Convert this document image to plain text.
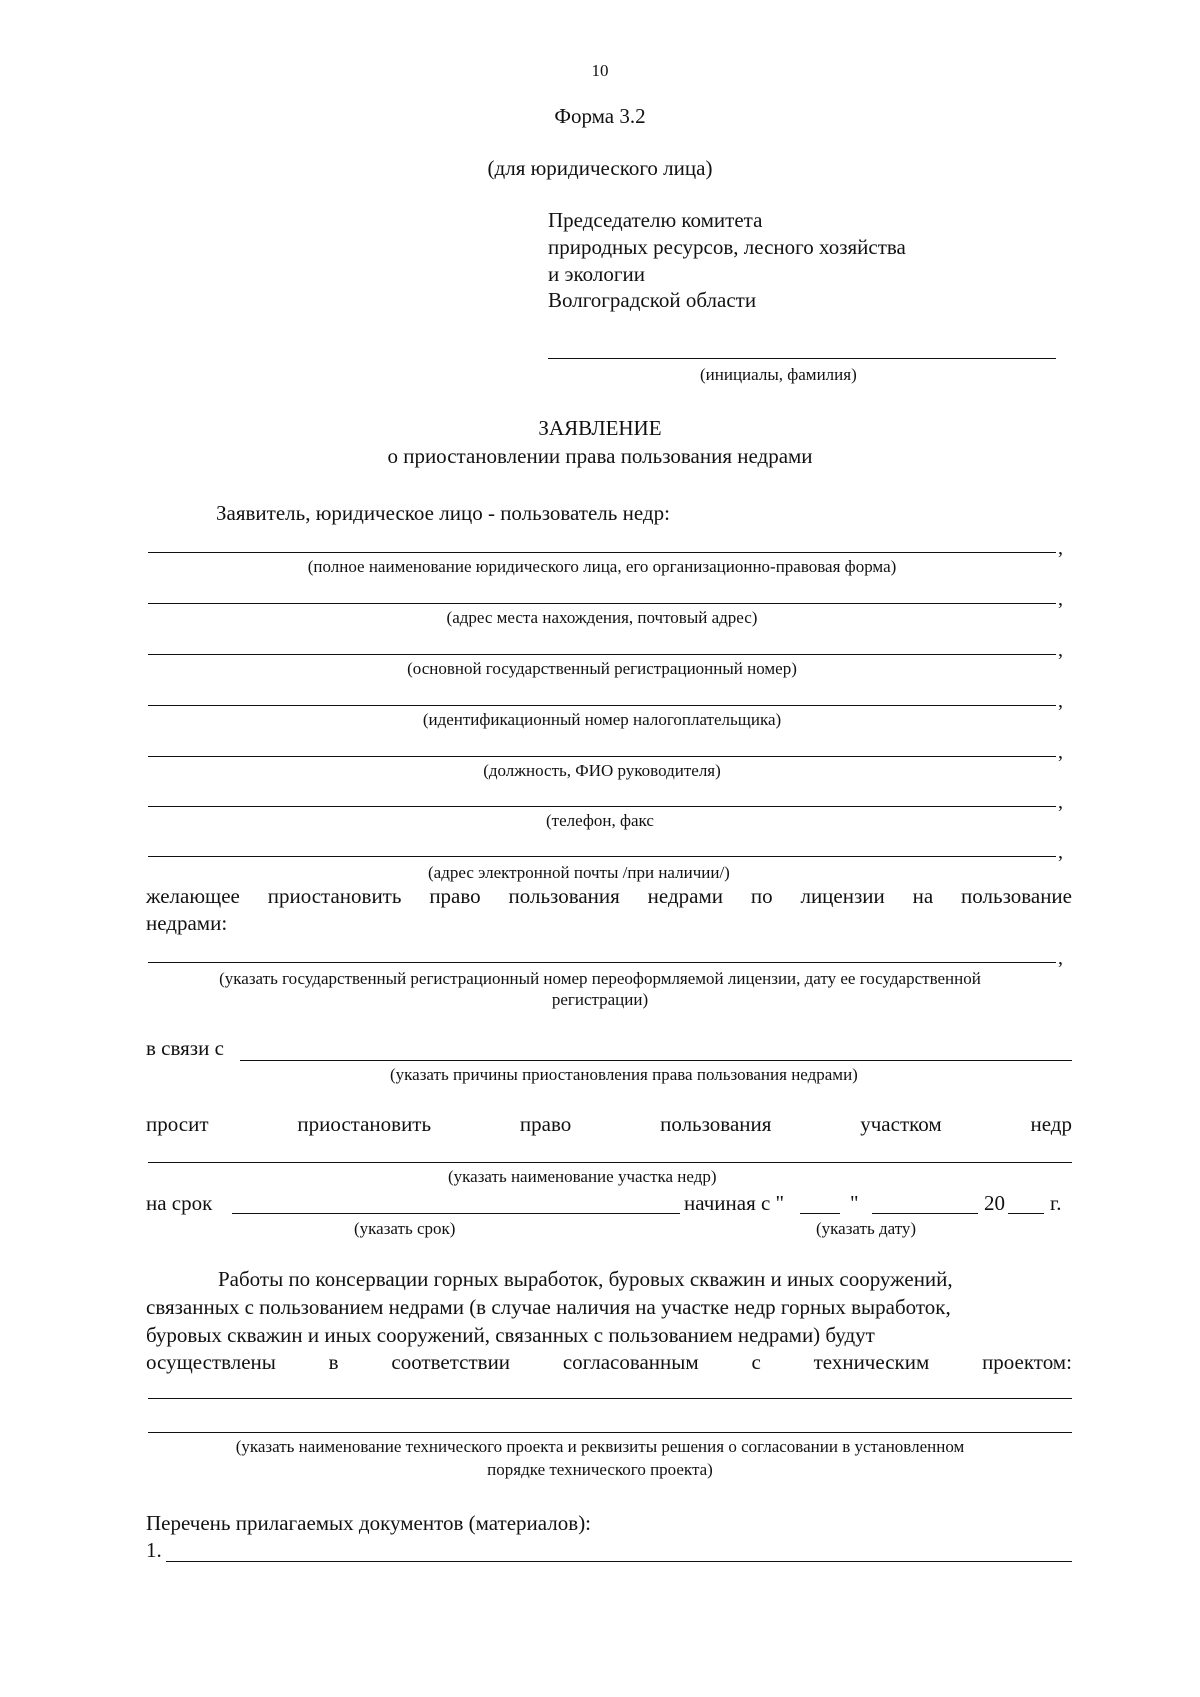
10
Форма 3.2
(для юридического лица)
Председателю комитета
природных ресурсов, лесного хозяйства
и экологии
Волгоградской области
(инициалы, фамилия)
ЗАЯВЛЕНИЕ
о приостановлении права пользования недрами
Заявитель, юридическое лицо - пользователь недр:
,
(полное наименование юридического лица, его организационно-правовая форма)
,
(адрес места нахождения, почтовый адрес)
,
(основной государственный регистрационный номер)
,
(идентификационный номер налогоплательщика)
,
(должность, ФИО руководителя)
,
(телефон, факс
,
(адрес электронной почты /при наличии/)
желающее приостановить право пользования недрами по лицензии на пользование
недрами:
,
(указать государственный регистрационный номер переоформляемой лицензии, дату ее государственной
регистрации)
в связи с
(указать причины приостановления права пользования недрами)
просит	приостановить	право	пользования	участком	недр
(указать наименование участка недр)
на срок	начиная с "	"	20 г.
(указать срок)	(указать дату)
Работы по консервации горных выработок, буровых скважин и иных сооружений,
связанных с пользованием недрами (в случае наличия на участке недр горных выработок,
буровых скважин и иных сооружений, связанных с пользованием недрами) будут
осуществлены	в	соответствии	согласованным	с	техническим	проектом:
(указать наименование технического проекта и реквизиты решения о согласовании в установленном
порядке технического проекта)
Перечень прилагаемых документов (материалов):
1.
